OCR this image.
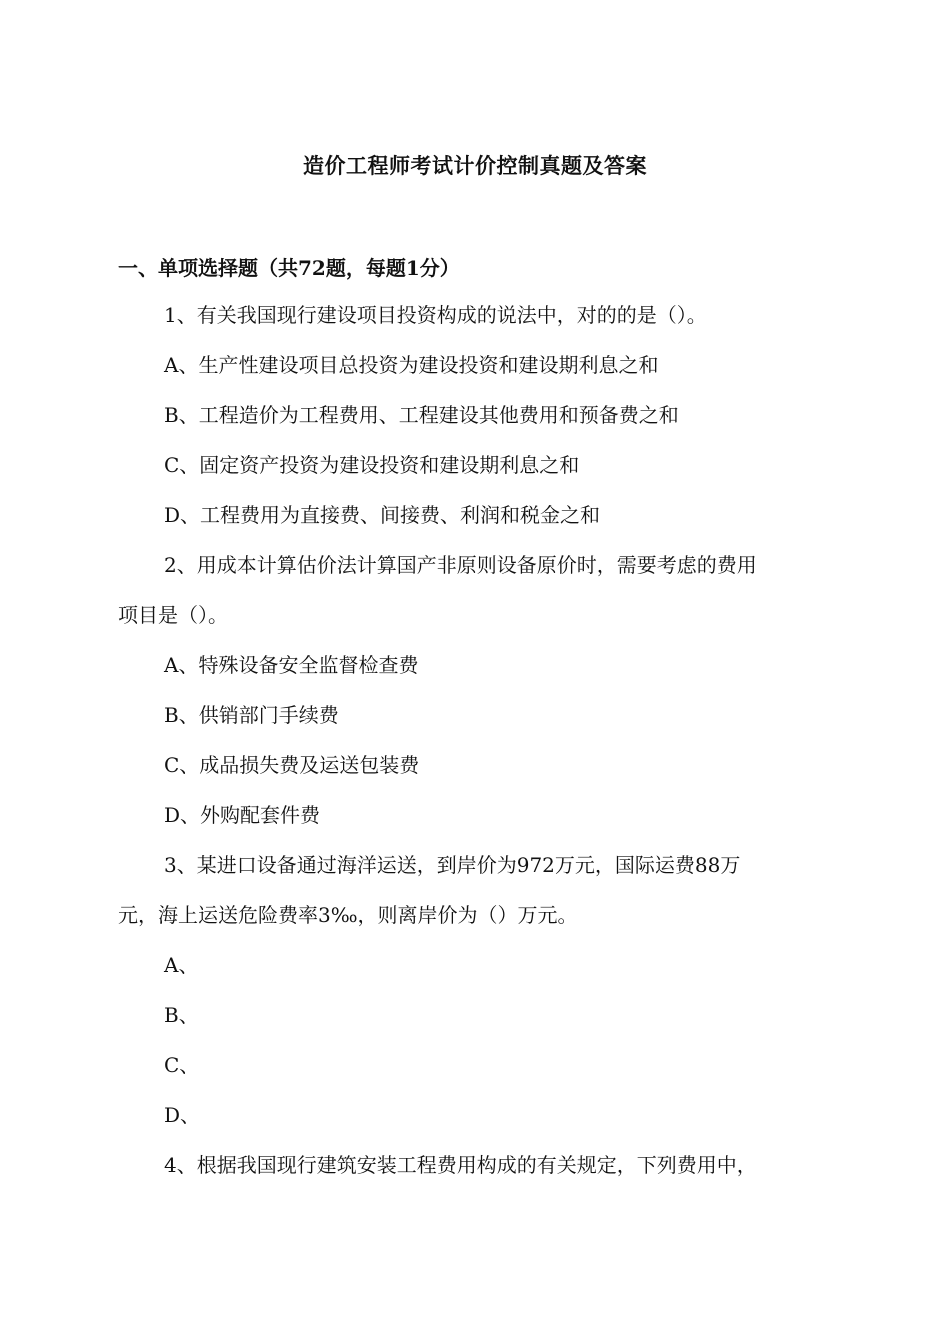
造价工程师考试计价控制真题及答案
一、单项选择题（共72题，每题1分）
1、有关我国现行建设项目投资构成的说法中，对的的是（）。
A、生产性建设项目总投资为建设投资和建设期利息之和
B、工程造价为工程费用、工程建设其他费用和预备费之和
C、固定资产投资为建设投资和建设期利息之和
D、工程费用为直接费、间接费、利润和税金之和
2、用成本计算估价法计算国产非原则设备原价时，需要考虑的费用
项目是（）。
A、特殊设备安全监督检查费
B、供销部门手续费
C、成品损失费及运送包装费
D、外购配套件费
3、某进口设备通过海洋运送，到岸价为972万元，国际运费88万
元，海上运送危险费率3‰，则离岸价为（）万元。
A、
B、
C、
D、
4、根据我国现行建筑安装工程费用构成的有关规定，下列费用中，
